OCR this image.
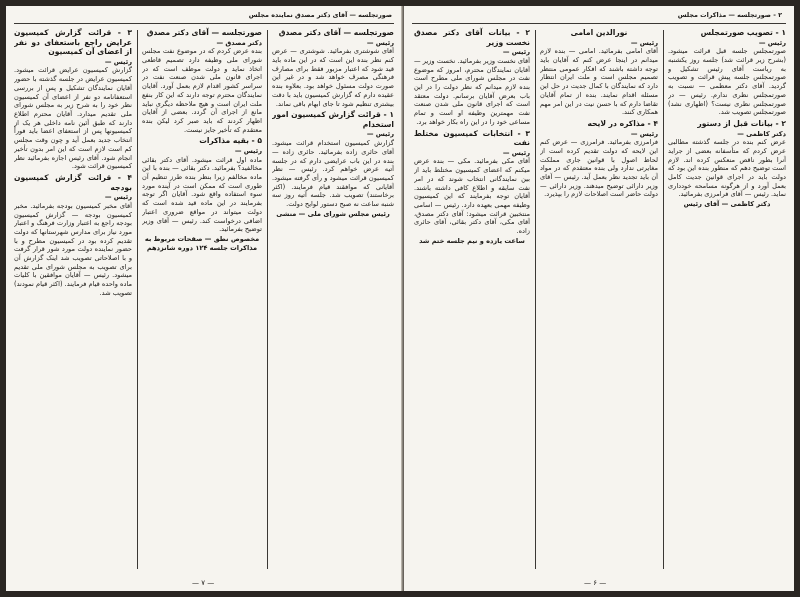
صورتجلسه — آقای دکتر مصدق نماینده مجلس
۳ - قرائت گزارش کمیسیون عرایض راجع باستعفای دو نفر از اعضای آن کمیسیون
رئیس —
گزارش کمیسیون عرایض قرائت میشود. کمیسیون عرایض در جلسه گذشته با حضور آقایان نمایندگان تشکیل و پس از بررسی استعفانامه دو نفر از اعضای آن کمیسیون نظر خود را به شرح زیر به مجلس شورای ملی تقدیم میدارد. آقایان محترم اطلاع دارند که طبق آئین نامه داخلی هر یک از کمیسیونها پس از استعفای اعضا باید فوراً انتخاب جدید بعمل آید و چون وقت مجلس کم است لازم است که این امر بدون تأخیر انجام شود. آقای رئیس اجازه بفرمائید نظر کمیسیون قرائت شود.
۴ - قرائت گزارش کمیسیون بودجه
رئیس —
آقای مخبر کمیسیون بودجه بفرمائید. مخبر کمیسیون بودجه — گزارش کمیسیون بودجه راجع به اعتبار وزارت فرهنگ و اعتبار مورد نیاز برای مدارس شهرستانها که دولت تقدیم کرده بود در کمیسیون مطرح و با حضور نماینده دولت مورد شور قرار گرفت و با اصلاحاتی تصویب شد اینک گزارش آن برای تصویب به مجلس شورای ملی تقدیم میشود. رئیس — آقایان موافقین با کلیات ماده واحده قیام فرمایند. (اکثر قیام نمودند) تصویب شد.
صورتجلسه — آقای دکتر مصدق
دکتر مصدق —
بنده عرض کردم که در موضوع نفت مجلس شورای ملی وظیفه دارد تصمیم قاطعی اتخاذ نماید و دولت موظف است که در اجرای قانون ملی شدن صنعت نفت در سراسر کشور اقدام لازم بعمل آورد. آقایان نمایندگان محترم توجه دارند که این کار بنفع ملت ایران است و هیچ ملاحظه دیگری نباید مانع از اجرای آن گردد. بعضی از آقایان اظهار کردند که باید صبر کرد لیکن بنده معتقدم که تأخیر جایز نیست.
۵ - بقیه مذاکرات
رئیس —
ماده اول قرائت میشود. آقای دکتر بقائی مخالفید؟ بفرمائید. دکتر بقائی — بنده با این ماده مخالفم زیرا بنظر بنده طرز تنظیم آن طوری است که ممکن است در آینده مورد سوء استفاده واقع شود. آقایان اگر توجه بفرمایند در این ماده قید شده است که دولت میتواند در مواقع ضروری اعتبار اضافی درخواست کند. رئیس — آقای وزیر توضیح بفرمائید.
مخصوص نطق — صفحات مربوط به مذاکرات جلسه ۱۲۴ دوره شانزدهم
صورتجلسه — آقای دکتر مصدق
رئیس —
آقای شوشتری بفرمائید. شوشتری — عرض کنم نظر بنده این است که در این ماده باید قید شود که اعتبار مزبور فقط برای مصارف فرهنگی مصرف خواهد شد و در غیر این صورت دولت مسئول خواهد بود. بعلاوه بنده عقیده دارم که گزارش کمیسیون باید با دقت بیشتری تنظیم شود تا جای ابهام باقی نماند.
۱ - قرائت گزارش کمیسیون امور استخدام
رئیس —
گزارش کمیسیون استخدام قرائت میشود. آقای حائری زاده بفرمائید. حائری زاده — بنده در این باب عرایضی دارم که در جلسه آتیه عرض خواهم کرد. رئیس — نظر کمیسیون قرائت میشود و رأی گرفته میشود. آقایانی که موافقند قیام فرمایند. (اکثر برخاستند) تصویب شد. جلسه آتیه روز سه شنبه ساعت نه صبح دستور لوایح دولت.
رئیس مجلس شورای ملی — منشی
— ۷ —
۲ - صورتجلسه — مذاکرات مجلس
۲ - بیانات آقای دکتر مصدق نخست وزیر
رئیس —
آقای نخست وزیر بفرمائید. نخست وزیر — آقایان نمایندگان محترم، امروز که موضوع نفت در مجلس شورای ملی مطرح است بنده لازم میدانم که نظر دولت را در این باب بعرض آقایان برسانم. دولت معتقد است که اجرای قانون ملی شدن صنعت نفت مهمترین وظیفه او است و تمام مساعی خود را در این راه بکار خواهد برد.
۳ - انتخابات کمیسیون مختلط نفت
رئیس —
آقای مکی بفرمائید. مکی — بنده عرض میکنم که اعضای کمیسیون مختلط باید از بین نمایندگانی انتخاب شوند که در امر نفت سابقه و اطلاع کافی داشته باشند. آقایان توجه بفرمایند که این کمیسیون وظیفه مهمی بعهده دارد. رئیس — اسامی منتخبین قرائت میشود: آقای دکتر مصدق، آقای مکی، آقای دکتر بقائی، آقای حائری زاده.
ساعت یازده و نیم جلسه ختم شد
نورالدین امامی
رئیس —
آقای امامی بفرمائید. امامی — بنده لازم میدانم در اینجا عرض کنم که آقایان باید توجه داشته باشند که افکار عمومی منتظر تصمیم مجلس است و ملت ایران انتظار دارد که نمایندگان با کمال جدیت در حل این مسئله اقدام نمایند. بنده از تمام آقایان تقاضا دارم که با حسن نیت در این امر مهم همکاری کنند.
۴ - مذاکره در لایحه
رئیس —
فرامرزی بفرمائید. فرامرزی — عرض کنم این لایحه که دولت تقدیم کرده است از لحاظ اصول با قوانین جاری مملکت مغایرتی ندارد ولی بنده معتقدم که در مواد آن باید تجدید نظر بعمل آید. رئیس — آقای وزیر دارائی توضیح میدهند. وزیر دارائی — دولت حاضر است اصلاحات لازم را بپذیرد.
۱ - تصویب صورتمجلس
رئیس —
صورتمجلس جلسه قبل قرائت میشود. (بشرح زیر قرائت شد) جلسه روز یکشنبه به ریاست آقای رئیس تشکیل و صورتمجلس جلسه پیش قرائت و تصویب گردید. آقای دکتر معظمی — نسبت به صورتمجلس نظری ندارم. رئیس — در صورتمجلس نظری نیست؟ (اظهاری نشد) صورتمجلس تصویب شد.
۲ - بیانات قبل از دستور
دکتر کاظمی —
عرض کنم بنده در جلسه گذشته مطالبی عرض کردم که متأسفانه بعضی از جراید آنرا بطور ناقص منعکس کرده اند. لازم است توضیح دهم که منظور بنده این بود که دولت باید در اجرای قوانین جدیت کامل بعمل آورد و از هرگونه مسامحه خودداری نماید. رئیس — آقای فرامرزی بفرمائید.
دکتر کاظمی — آقای رئیس
— ۶ —
